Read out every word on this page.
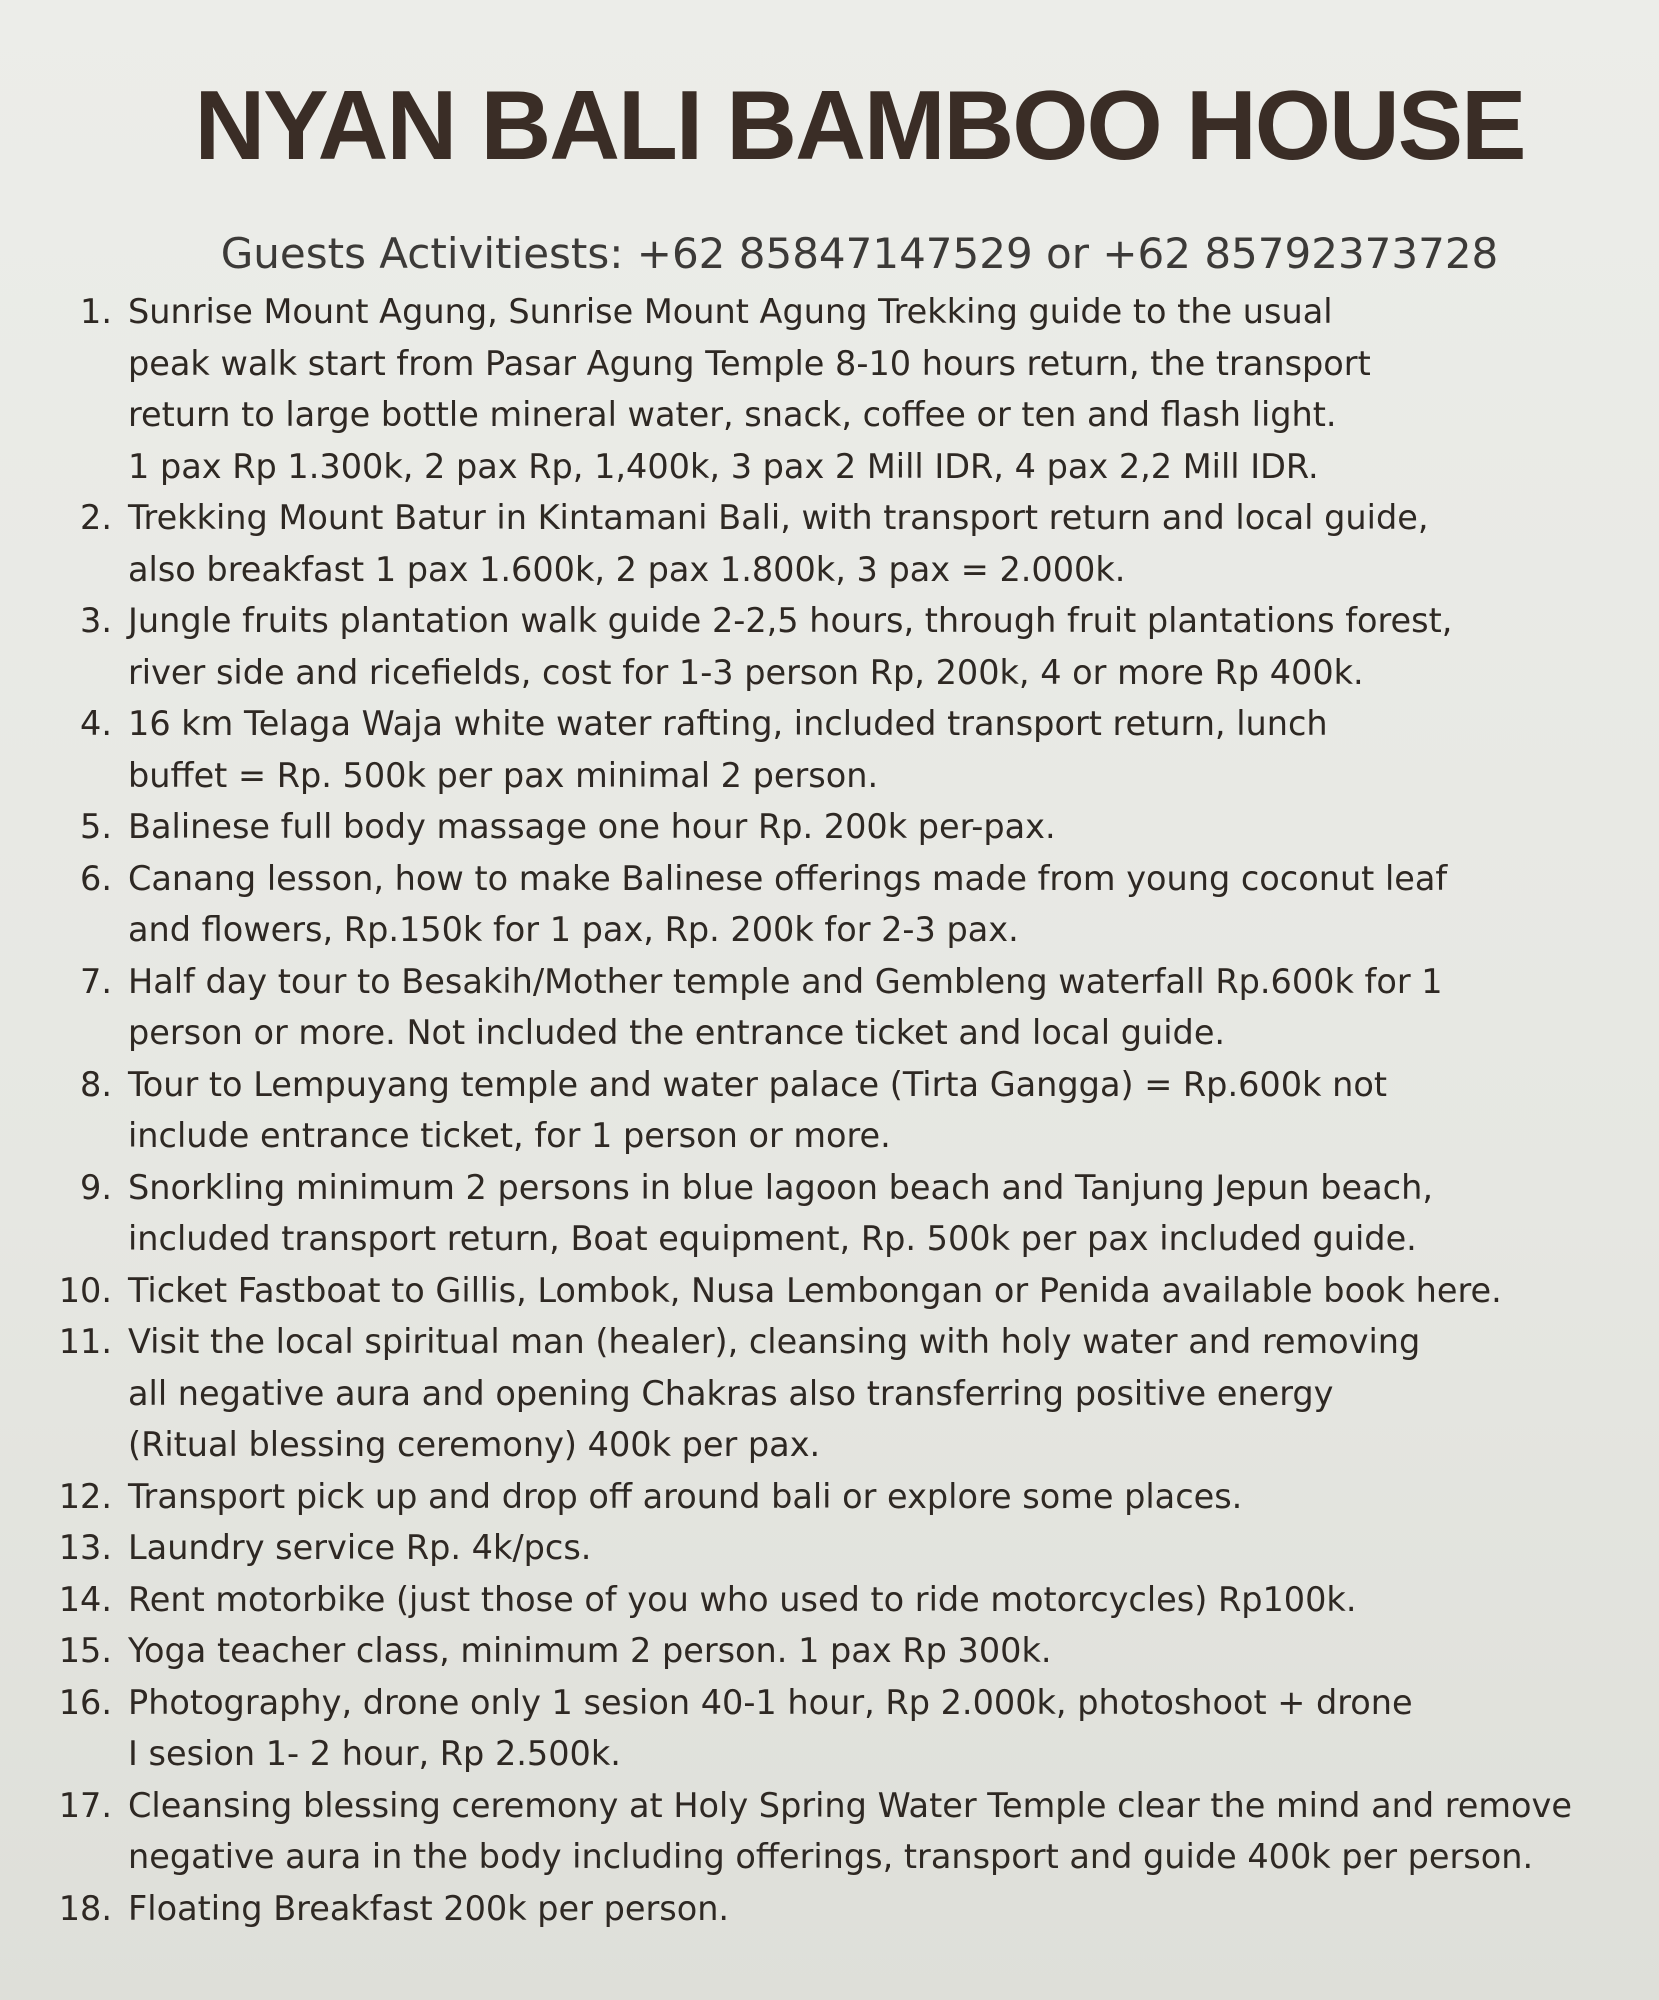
NYAN BALI BAMBOO HOUSE
Guests Activitiests: +62 85847147529 or +62 85792373728
1. Sunrise Mount Agung, Sunrise Mount Agung Trekking guide to the usual
peak walk start from Pasar Agung Temple 8-10 hours return, the transport
return to large bottle mineral water, snack, coffee or ten and flash light.
1 pax Rp 1.300k, 2 pax Rp, 1,400k, 3 pax 2 Mill IDR, 4 pax 2,2 Mill IDR.
2. Trekking Mount Batur in Kintamani Bali, with transport return and local guide,
also breakfast 1 pax 1.600k, 2 pax 1.800k, 3 pax = 2.000k.
3. Jungle fruits plantation walk guide 2-2,5 hours, through fruit plantations forest,
river side and ricefields, cost for 1-3 person Rp, 200k, 4 or more Rp 400k.
4. 16 km Telaga Waja white water rafting, included transport return, lunch
buffet = Rp. 500k per pax minimal 2 person.
5. Balinese full body massage one hour Rp. 200k per-pax.
6. Canang lesson, how to make Balinese offerings made from young coconut leaf
and flowers, Rp.150k for 1 pax, Rp. 200k for 2-3 pax.
7. Half day tour to Besakih/Mother temple and Gembleng waterfall Rp.600k for 1
person or more. Not included the entrance ticket and local guide.
8. Tour to Lempuyang temple and water palace (Tirta Gangga) = Rp.600k not
include entrance ticket, for 1 person or more.
9. Snorkling minimum 2 persons in blue lagoon beach and Tanjung Jepun beach,
included transport return, Boat equipment, Rp. 500k per pax included guide.
10. Ticket Fastboat to Gillis, Lombok, Nusa Lembongan or Penida available book here.
11. Visit the local spiritual man (healer), cleansing with holy water and removing
all negative aura and opening Chakras also transferring positive energy
(Ritual blessing ceremony) 400k per pax.
12. Transport pick up and drop off around bali or explore some places.
13. Laundry service Rp. 4k/pcs.
14. Rent motorbike (just those of you who used to ride motorcycles) Rp100k.
15. Yoga teacher class, minimum 2 person. 1 pax Rp 300k.
16. Photography, drone only 1 sesion 40-1 hour, Rp 2.000k, photoshoot + drone
I sesion 1- 2 hour, Rp 2.500k.
17. Cleansing blessing ceremony at Holy Spring Water Temple clear the mind and remove
negative aura in the body including offerings, transport and guide 400k per person.
18. Floating Breakfast 200k per person.
